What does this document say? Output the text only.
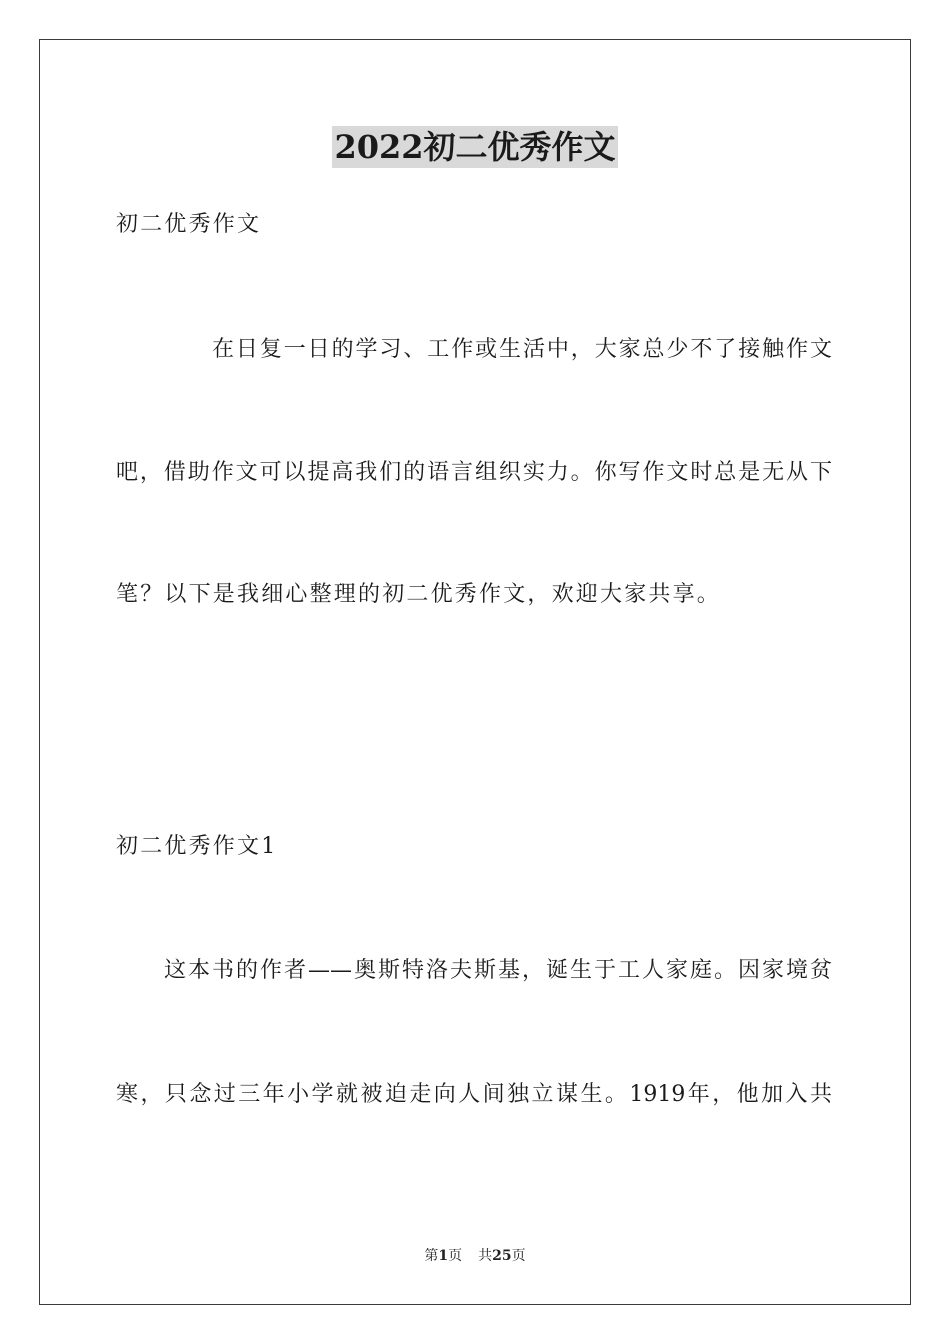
2022初二优秀作文
初二优秀作文
在日复一日的学习、工作或生活中，大家总少不了接触作文
吧，借助作文可以提高我们的语言组织实力。你写作文时总是无从下
笔？以下是我细心整理的初二优秀作文，欢迎大家共享。
初二优秀作文1
这本书的作者——奥斯特洛夫斯基，诞生于工人家庭。因家境贫
寒，只念过三年小学就被迫走向人间独立谋生。1919年，他加入共
第1页 共25页
